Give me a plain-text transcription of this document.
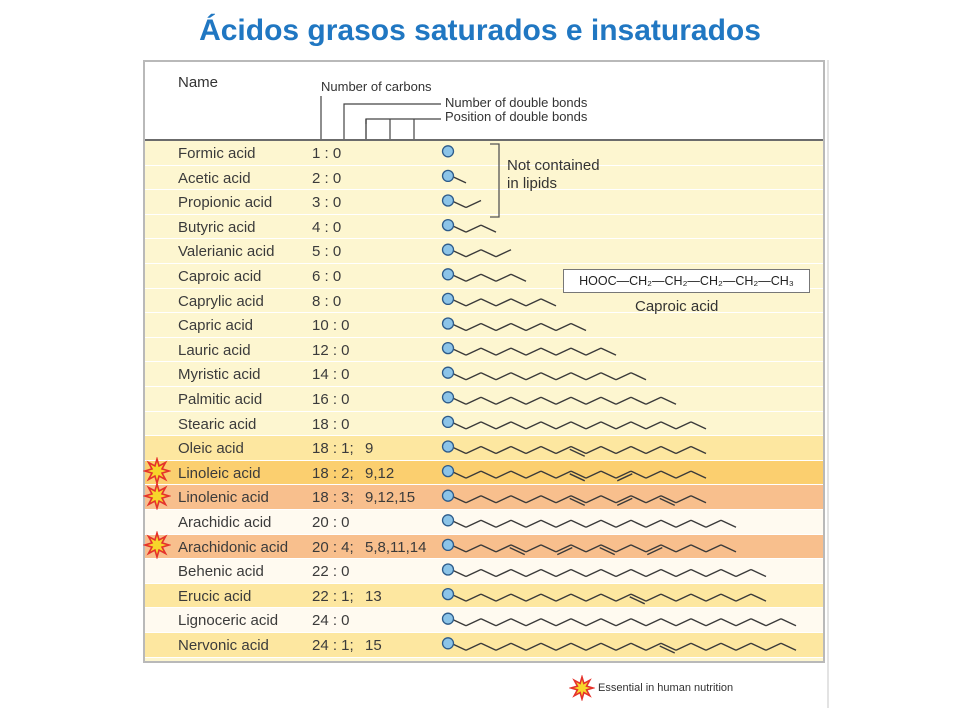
Ácidos grasos saturados e insaturados
Name	Number of carbons
Number of double bonds
Position of double bonds
Formic acid	1 : 0
Acetic acid	2 : 0
Propionic acid	3 : 0
Butyric acid	4 : 0
Valerianic acid	5 : 0
Caproic acid	6 : 0
Caprylic acid	8 : 0
Capric acid	10 : 0
Lauric acid	12 : 0
Myristic acid	14 : 0
Palmitic acid	16 : 0
Stearic acid	18 : 0
Oleic acid	18 : 1; 9
Linoleic acid	18 : 2; 9,12
Linolenic acid	18 : 3; 9,12,15
Arachidic acid	20 : 0
Arachidonic acid 20 : 4; 5,8,11,14
Behenic acid	22 : 0
Erucic acid	22 : 1; 13
Lignoceric acid 24 : 0
Nervonic acid	24 : 1; 15
Not contained
in lipids
HOOC—CH₂—CH₂—CH₂—CH₂—CH₃
Caproic acid
Essential in human nutrition
